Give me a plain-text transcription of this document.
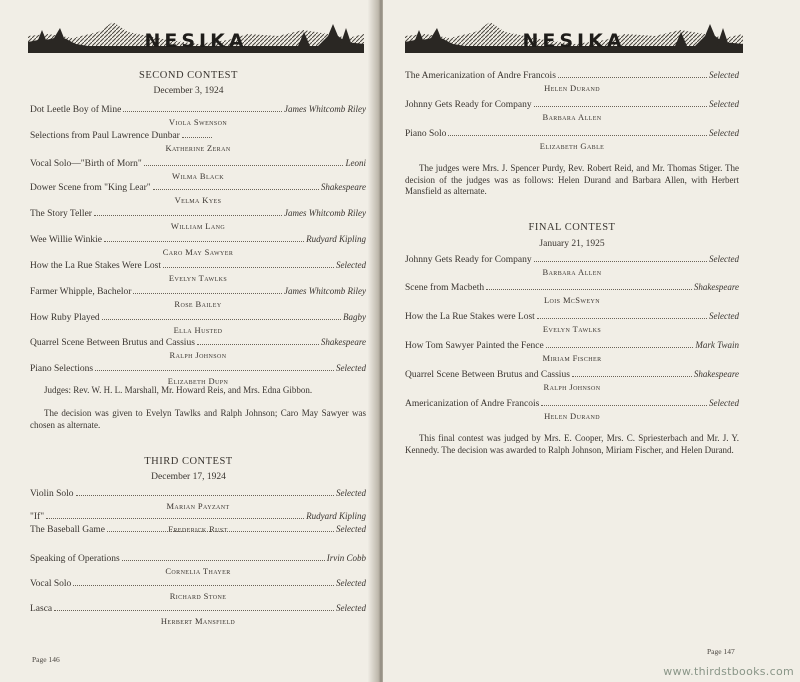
NESIKA
SECOND CONTEST
December 3, 1924
Dot Leetle Boy of Mine	James Whitcomb Riley
Viola Swenson
Selections from Paul Lawrence Dunbar
Katherine Zeran
Vocal Solo—"Birth of Morn"	Leoni
Wilma Black
Dower Scene from "King Lear"	Shakespeare
Velma Kyes
The Story Teller	James Whitcomb Riley
William Lang
Wee Willie Winkie	Rudyard Kipling
Caro May Sawyer
How the La Rue Stakes Were Lost	Selected
Evelyn Tawlks
Farmer Whipple, Bachelor	James Whitcomb Riley
Rose Bailey
How Ruby Played	Bagby
Ella Husted
Quarrel Scene Between Brutus and Cassius	Shakespeare
Ralph Johnson
Piano Selections	Selected
Elizabeth Dupn
Judges: Rev. W. H. L. Marshall, Mr. Howard Reis, and Mrs. Edna Gibbon.
The decision was given to Evelyn Tawlks and Ralph Johnson; Caro May Sawyer was chosen as alternate.
THIRD CONTEST
December 17, 1924
Violin Solo	Selected
Marian Payzant
"If"	Rudyard Kipling
Frederick Rust
The Baseball Game	Selected
Speaking of Operations	Irvin Cobb
Cornelia Thayer
Vocal Solo	Selected
Richard Stone
Lasca	Selected
Herbert Mansfield
Page 146
NESIKA
The Americanization of Andre Francois	Selected
Helen Durand
Johnny Gets Ready for Company	Selected
Barbara Allen
Piano Solo	Selected
Elizabeth Gable
The judges were Mrs. J. Spencer Purdy, Rev. Robert Reid, and Mr. Thomas Stiger. The decision of the judges was as follows: Helen Durand and Barbara Allen, with Herbert Mansfield as alternate.
FINAL CONTEST
January 21, 1925
Johnny Gets Ready for Company	Selected
Barbara Allen
Scene from Macbeth	Shakespeare
Lois McSweyn
How the La Rue Stakes were Lost	Selected
Evelyn Tawlks
How Tom Sawyer Painted the Fence	Mark Twain
Miriam Fischer
Quarrel Scene Between Brutus and Cassius	Shakespeare
Ralph Johnson
Americanization of Andre Francois	Selected
Helen Durand
This final contest was judged by Mrs. E. Cooper, Mrs. C. Spriesterbach and Mr. J. Y. Kennedy. The decision was awarded to Ralph Johnson, Miriam Fischer, and Helen Durand.
Page 147
www.thirdstbooks.com
